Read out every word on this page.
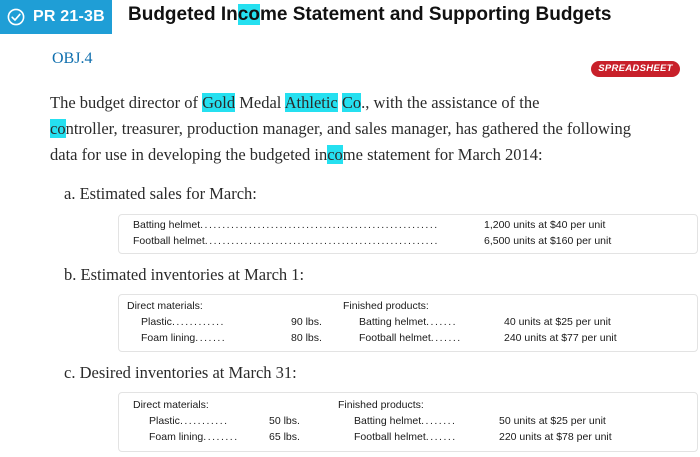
PR 21-3B Budgeted Income Statement and Supporting Budgets
OBJ.4
SPREADSHEET
The budget director of Gold Medal Athletic Co., with the assistance of the
controller, treasurer, production manager, and sales manager, has gathered the following
data for use in developing the budgeted income statement for March 2014:
a. Estimated sales for March:
Batting helmet......................................................	1,200 units at $40 per unit
Football helmet.....................................................	6,500 units at $160 per unit
b. Estimated inventories at March 1:
Direct materials:
Plastic............	90 lbs.
Foam lining.......	80 lbs.
Finished products:
Batting helmet.......	40 units at $25 per unit
Football helmet.......	240 units at $77 per unit
c. Desired inventories at March 31:
Direct materials:
Plastic...........	50 lbs.
Foam lining........	65 lbs.
Finished products:
Batting helmet........	50 units at $25 per unit
Football helmet.......	220 units at $78 per unit
